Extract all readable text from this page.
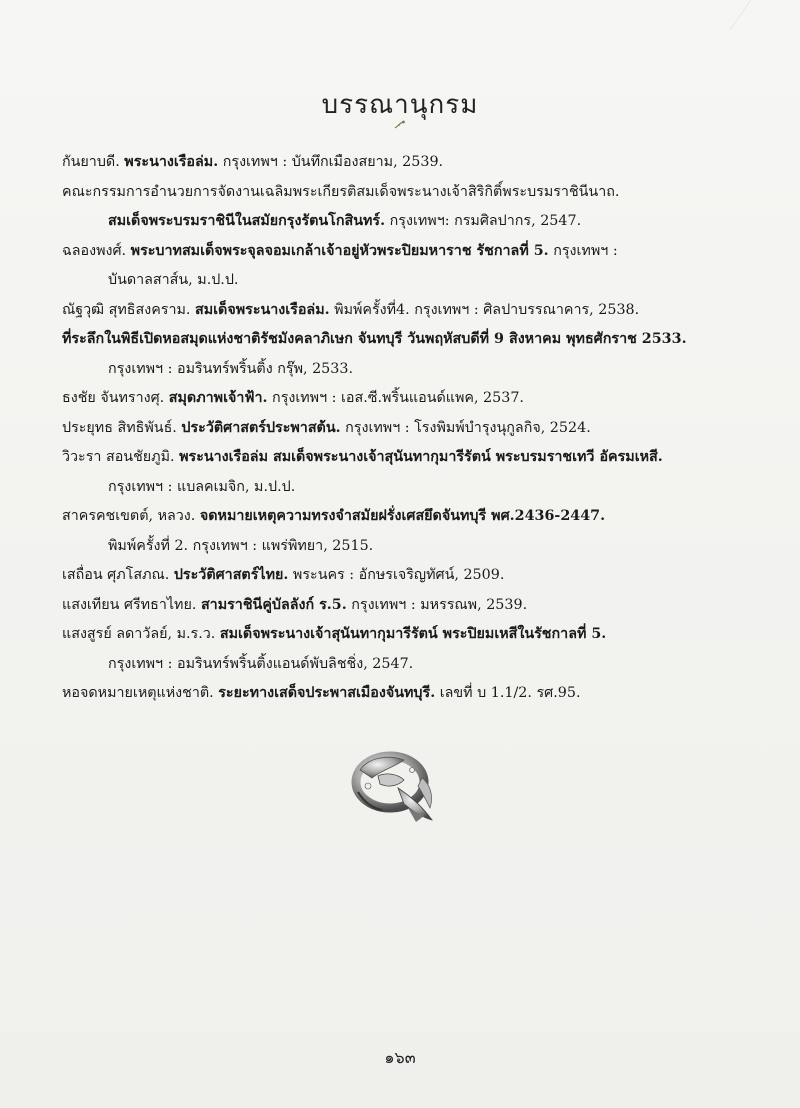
บรรณานุกรม
กันยาบดี. พระนางเรือล่ม. กรุงเทพฯ : บันทึกเมืองสยาม, 2539.
คณะกรรมการอำนวยการจัดงานเฉลิมพระเกียรติสมเด็จพระนางเจ้าสิริกิติ์พระบรมราชินีนาถ.
สมเด็จพระบรมราชินีในสมัยกรุงรัตนโกสินทร์. กรุงเทพฯ: กรมศิลปากร, 2547.
ฉลองพงศ์. พระบาทสมเด็จพระจุลจอมเกล้าเจ้าอยู่หัวพระปิยมหาราช รัชกาลที่ 5. กรุงเทพฯ :
บันดาลสาส์น, ม.ป.ป.
ณัฐวุฒิ สุทธิสงคราม. สมเด็จพระนางเรือล่ม. พิมพ์ครั้งที่4. กรุงเทพฯ : ศิลปาบรรณาคาร, 2538.
ที่ระลึกในพิธีเปิดหอสมุดแห่งชาติรัชมังคลาภิเษก จันทบุรี วันพฤหัสบดีที่ 9 สิงหาคม พุทธศักราช 2533.
กรุงเทพฯ : อมรินทร์พริ้นติ้ง กรุ๊พ, 2533.
ธงชัย จันทรางศุ. สมุดภาพเจ้าฟ้า. กรุงเทพฯ : เอส.ซี.พริ้นแอนด์แพค, 2537.
ประยุทธ สิทธิพันธ์. ประวัติศาสตร์ประพาสต้น. กรุงเทพฯ : โรงพิมพ์บำรุงนุกูลกิจ, 2524.
วิวะรา สอนชัยภูมิ. พระนางเรือล่ม สมเด็จพระนางเจ้าสุนันทากุมารีรัตน์ พระบรมราชเทวี อัครมเหสี.
กรุงเทพฯ : แบลคเมจิก, ม.ป.ป.
สาครคชเขตต์, หลวง. จดหมายเหตุความทรงจำสมัยฝรั่งเศสยึดจันทบุรี พศ.2436-2447.
พิมพ์ครั้งที่ 2. กรุงเทพฯ : แพร่พิทยา, 2515.
เสถื่อน ศุภโสภณ. ประวัติศาสตร์ไทย. พระนคร : อักษรเจริญทัศน์, 2509.
แสงเทียน ศรีทธาไทย. สามราชินีคู่บัลลังก์ ร.5. กรุงเทพฯ : มหรรณพ, 2539.
แสงสูรย์ ลดาวัลย์, ม.ร.ว. สมเด็จพระนางเจ้าสุนันทากุมารีรัตน์ พระปิยมเหสีในรัชกาลที่ 5.
กรุงเทพฯ : อมรินทร์พริ้นติ้งแอนด์พับลิชชิ่ง, 2547.
หอจดหมายเหตุแห่งชาติ. ระยะทางเสด็จประพาสเมืองจันทบุรี. เลขที่ บ 1.1/2. รศ.95.
๑๖๓
